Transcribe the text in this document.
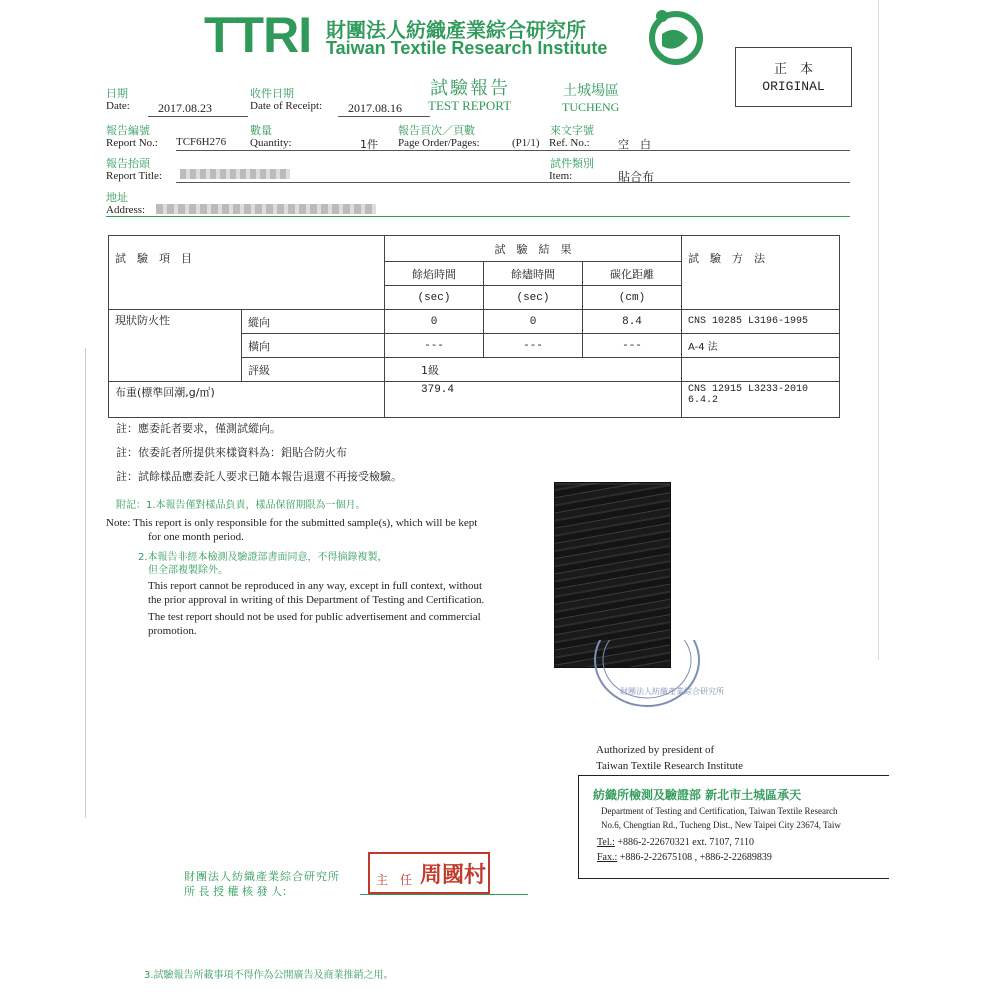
TTRI 財團法人紡織產業綜合研究所
Taiwan Textile Research Institute
正　本
ORIGINAL
試驗報告
TEST REPORT
土城場區
TUCHENG
日期
Date:	2017.08.23
收件日期
Date of Receipt:	2017.08.16
報告編號
Report No.: TCF6H276
數量
Quantity:	1件
報告頁次／頁數
Page Order/Pages:	(P1/1)
來文字號
Ref. No.:	空　白
報告抬頭
Report Title:
試件類別
Item:	貼合布
地址
Address:
試　驗　項　目		試　驗　結　果			試　驗　方　法
		餘焰時間	餘燼時間	碳化距離	
		(sec)	(sec)	(cm)	
現狀防火性	縱向	0	0	8.4	CNS 10285 L3196-1995
	橫向	---	---	---	A-4 法
	評級	1級			
布重(標準回潮,g/㎡)		379.4			CNS 12915 L3233-2010
6.4.2
註：應委託者要求，僅測試縱向。
註：依委託者所提供來樣資料為：鋁貼合防火布
註：試餘樣品應委託人要求已隨本報告退還不再接受檢驗。
附記：1.本報告僅對樣品負責，樣品保留期限為一個月。
Note: This report is only responsible for the submitted sample(s), which will be kept
for one month period.
2.本報告非經本檢測及驗證部書面同意，不得摘錄複製，
但全部複製除外。
This report cannot be reproduced in any way, except in full context, without
the prior approval in writing of this Department of Testing and Certification.
The test report should not be used for public advertisement and commercial
promotion.
財團法人紡織產業綜合研究所
Authorized by president of
Taiwan Textile Research Institute
紡織所檢測及驗證部 新北市土城區承天
Department of Testing and Certification, Taiwan Textile Research
No.6, Chengtian Rd., Tucheng Dist., New Taipei City 23674, Taiw
Tel.: +886-2-22670321 ext. 7107, 7110
Fax.: +886-2-22675108 , +886-2-22689839
財團法人紡織產業綜合研究所
所 長 授 權 核 發 人：
主　任 周國村
3.試驗報告所載事項不得作為公開廣告及商業推銷之用。
